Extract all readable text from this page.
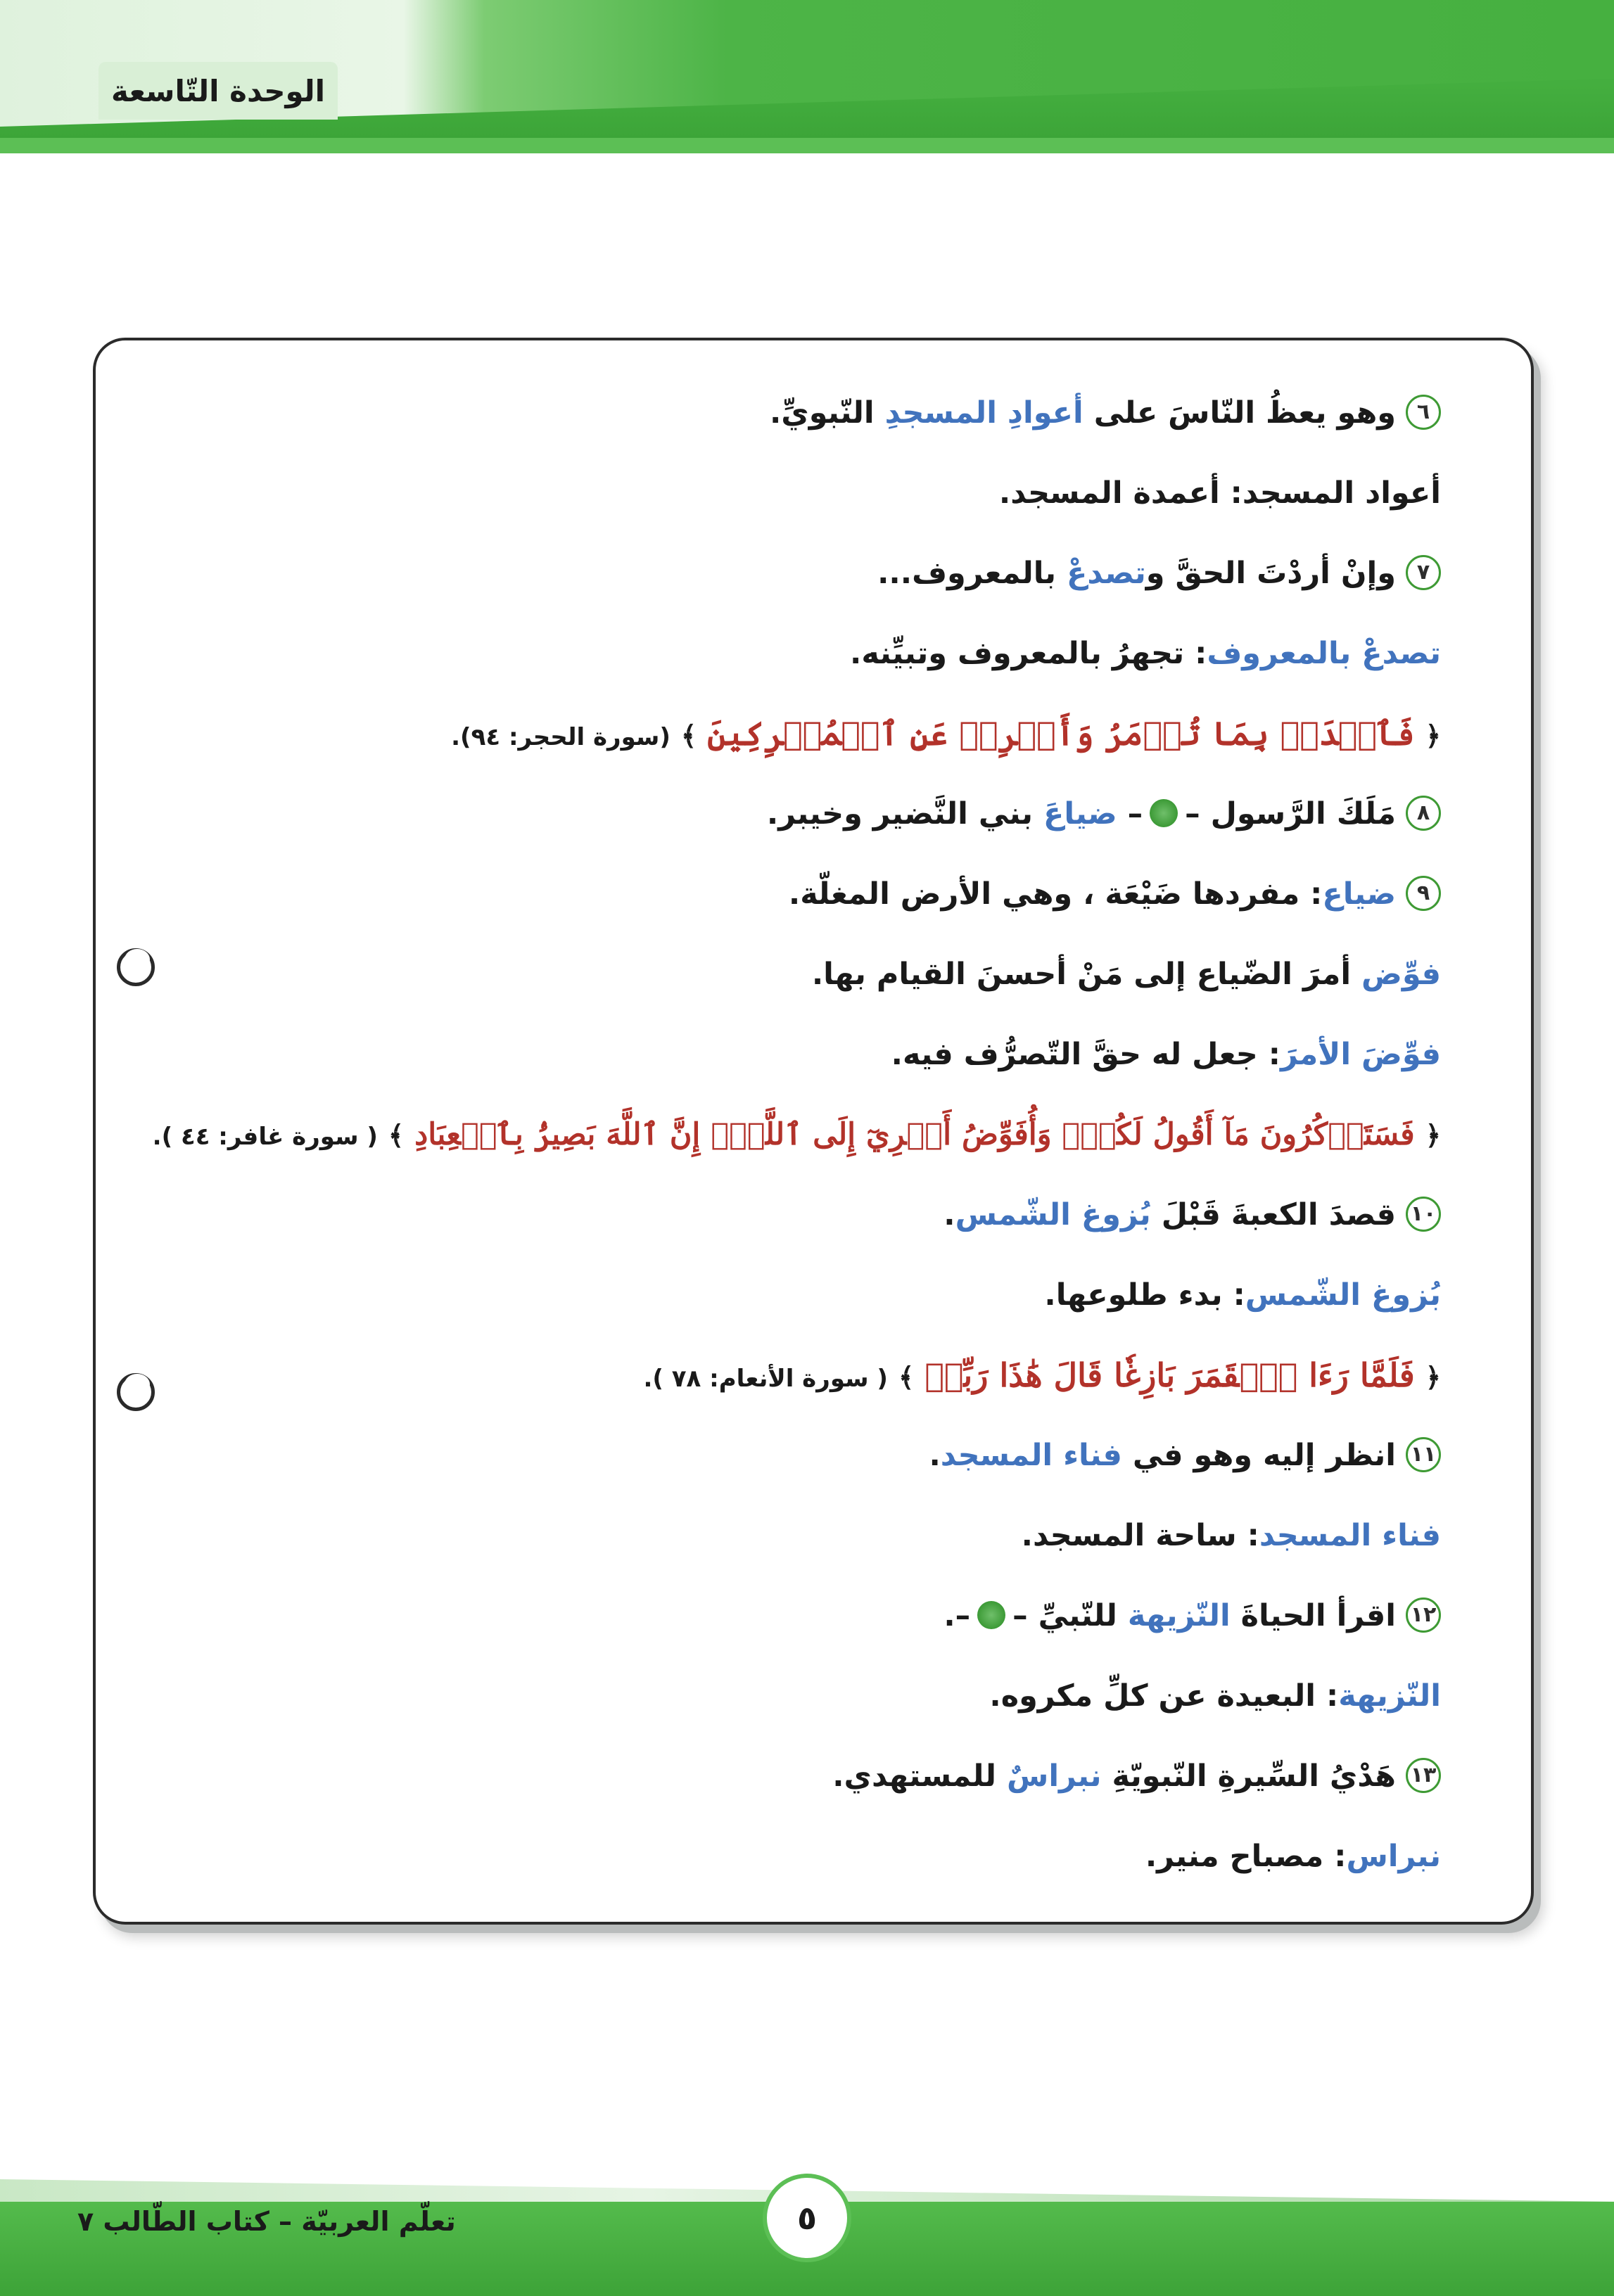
الوحدة التّاسعة
٦وهو يعظُ النّاسَ على أعوادِ المسجدِ النّبويِّ.
أعواد المسجد: أعمدة المسجد.
٧وإنْ أردْتَ الحقَّ وتصدعْ بالمعروف...
تصدعْ بالمعروف: تجهرُ بالمعروف وتبيِّنه.
﴿ فَٱصۡدَعۡ بِمَا تُؤۡمَرُ وَأَعۡرِضۡ عَنِ ٱلۡمُشۡرِكِينَ ﴾ (سورة الحجر: ٩٤).
٨مَلَكَ الرَّسول –– ضياعَ بني النَّضير وخيبر.
٩ضياع: مفردها ضَيْعَة ، وهي الأرض المغلّة.
فوِّض أمرَ الضّياع إلى مَنْ أحسنَ القيام بها.
فوِّضَ الأمرَ: جعل له حقَّ التّصرُّف فيه.
﴿ فَسَتَذۡكُرُونَ مَآ أَقُولُ لَكُمۡۚ وَأُفَوِّضُ أَمۡرِيٓ إِلَى ٱللَّهِۚ إِنَّ ٱللَّهَ بَصِيرُۢ بِٱلۡعِبَادِ ﴾ ( سورة غافر: ٤٤ ).
١٠قصدَ الكعبةَ قَبْلَ بُزوغ الشّمس.
بُزوغ الشّمس: بدء طلوعها.
﴿ فَلَمَّا رَءَا ٱلۡقَمَرَ بَازِغٗا قَالَ هَٰذَا رَبِّيۖ ﴾ ( سورة الأنعام: ٧٨ ).
١١انظر إليه وهو في فناء المسجد.
فناء المسجد: ساحة المسجد.
١٢اقرأ الحياةَ النّزيهة للنّبيِّ ––.
النّزيهة: البعيدة عن كلِّ مكروه.
١٣هَدْيُ السِّيرةِ النّبويّةِ نبراسٌ للمستهدي.
نبراس: مصباح منير.
تعلّم العربيّة – كتاب الطّالب ٧	٥
